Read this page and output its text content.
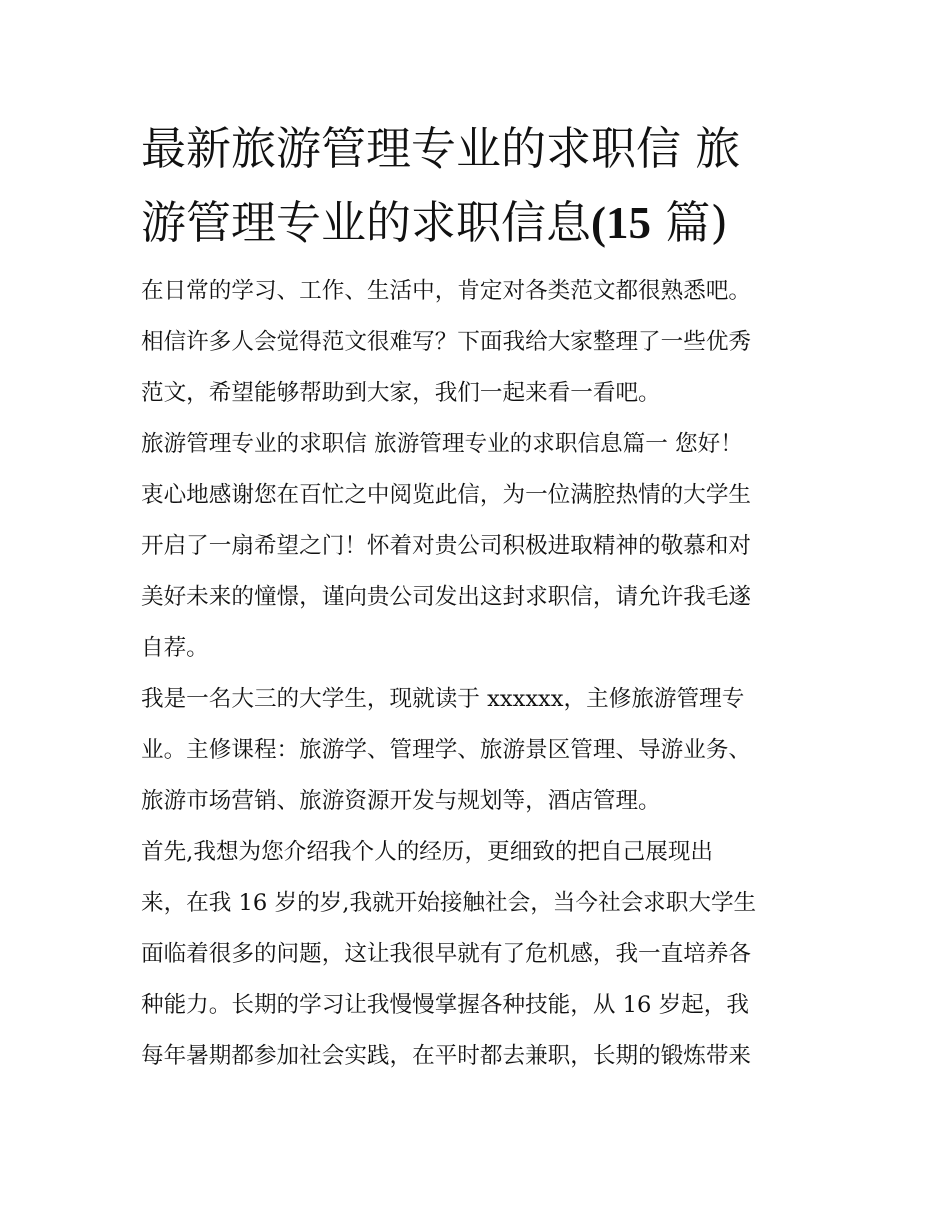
最新旅游管理专业的求职信 旅
游管理专业的求职信息(15 篇)

在日常的学习、工作、生活中，肯定对各类范文都很熟悉吧。
相信许多人会觉得范文很难写？下面我给大家整理了一些优秀
范文，希望能够帮助到大家，我们一起来看一看吧。

旅游管理专业的求职信 旅游管理专业的求职信息篇一 您好！
衷心地感谢您在百忙之中阅览此信，为一位满腔热情的大学生
开启了一扇希望之门！怀着对贵公司积极进取精神的敬慕和对
美好未来的憧憬，谨向贵公司发出这封求职信，请允许我毛遂
自荐。

我是一名大三的大学生，现就读于 xxxxxx，主修旅游管理专
业。主修课程：旅游学、管理学、旅游景区管理、导游业务、
旅游市场营销、旅游资源开发与规划等，酒店管理。

首先,我想为您介绍我个人的经历，更细致的把自己展现出
来，在我 16 岁的岁,我就开始接触社会，当今社会求职大学生
面临着很多的问题，这让我很早就有了危机感，我一直培养各
种能力。长期的学习让我慢慢掌握各种技能，从 16 岁起，我
每年暑期都参加社会实践，在平时都去兼职，长期的锻炼带来
